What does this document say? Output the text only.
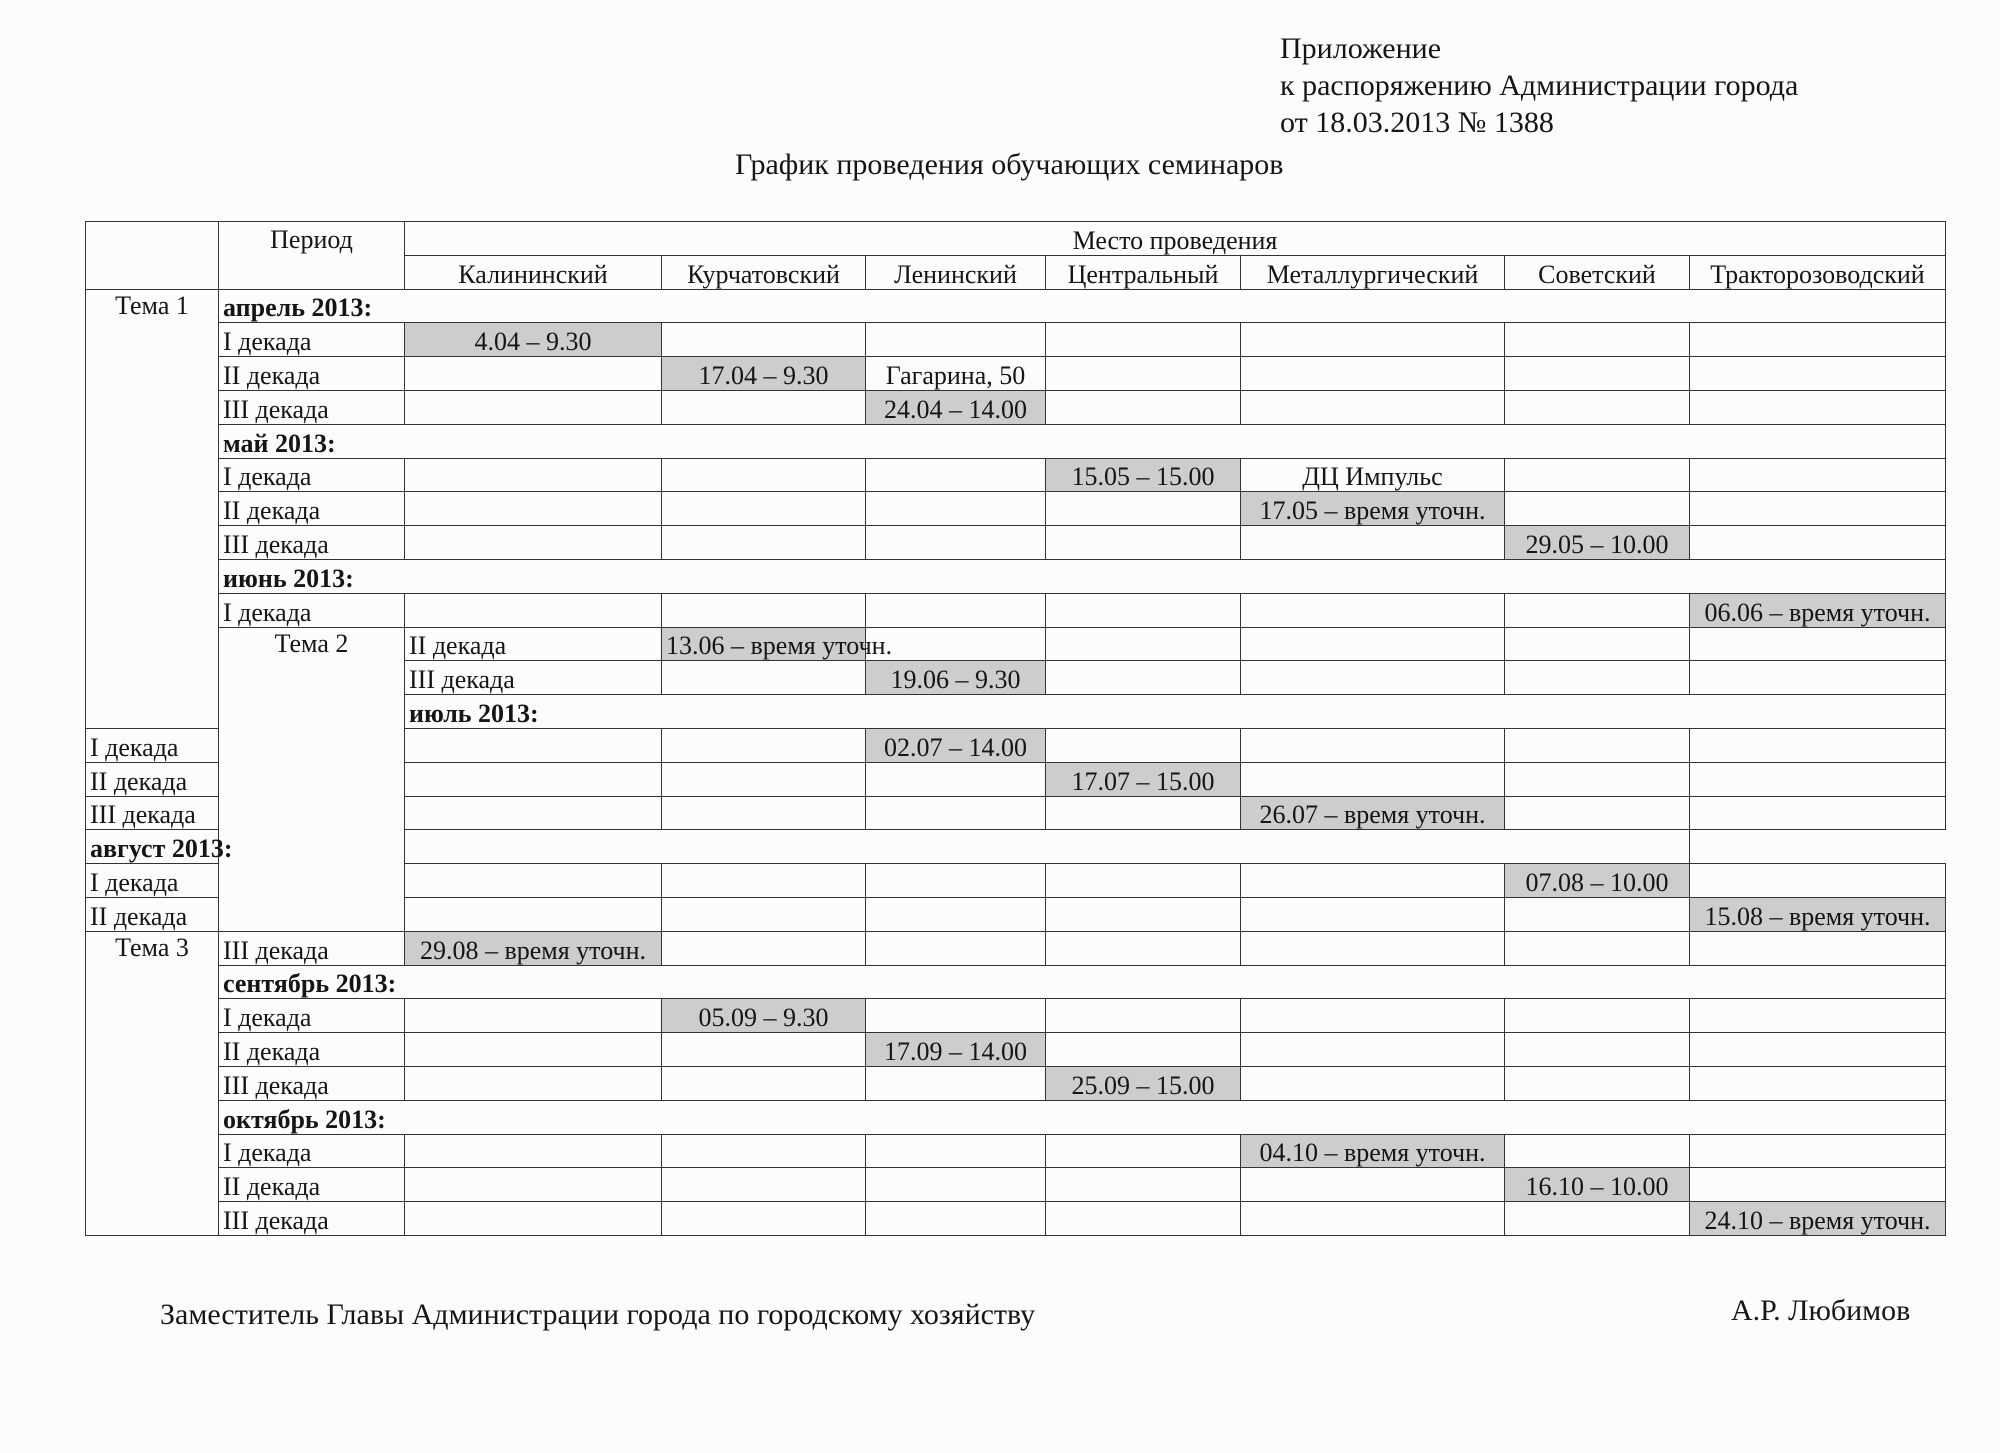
Приложение
к распоряжению Администрации города
от 18.03.2013 № 1388
График проведения обучающих семинаров
	Период	Место проведения							
		Калининский	Курчатовский	Ленинский	Центральный	Металлургический	Советский	Тракторозоводский	
Тема 1	апрель 2013:								
	I декада	4.04 – 9.30							
	II декада		17.04 – 9.30	Гагарина, 50					
	III декада			24.04 – 14.00					
	май 2013:								
	I декада				15.05 – 15.00	ДЦ Импульс			
	II декада					17.05 – время уточн.			
	III декада						29.05 – 10.00		
	июнь 2013:								
	I декада							06.06 – время уточн.	
	Тема 2	II декада	13.06 – время уточн.						
		III декада		19.06 – 9.30					
		июль 2013:							
I декада				02.07 – 14.00					
II декада					17.07 – 15.00				
III декада						26.07 – время уточн.			
август 2013:									
I декада							07.08 – 10.00		
II декада								15.08 – время уточн.	
Тема 3	III декада	29.08 – время уточн.							
	сентябрь 2013:								
	I декада		05.09 – 9.30						
	II декада			17.09 – 14.00					
	III декада				25.09 – 15.00				
	октябрь 2013:								
	I декада					04.10 – время уточн.			
	II декада						16.10 – 10.00		
	III декада							24.10 – время уточн.	
Заместитель Главы Администрации города по городскому хозяйству	А.Р. Любимов
